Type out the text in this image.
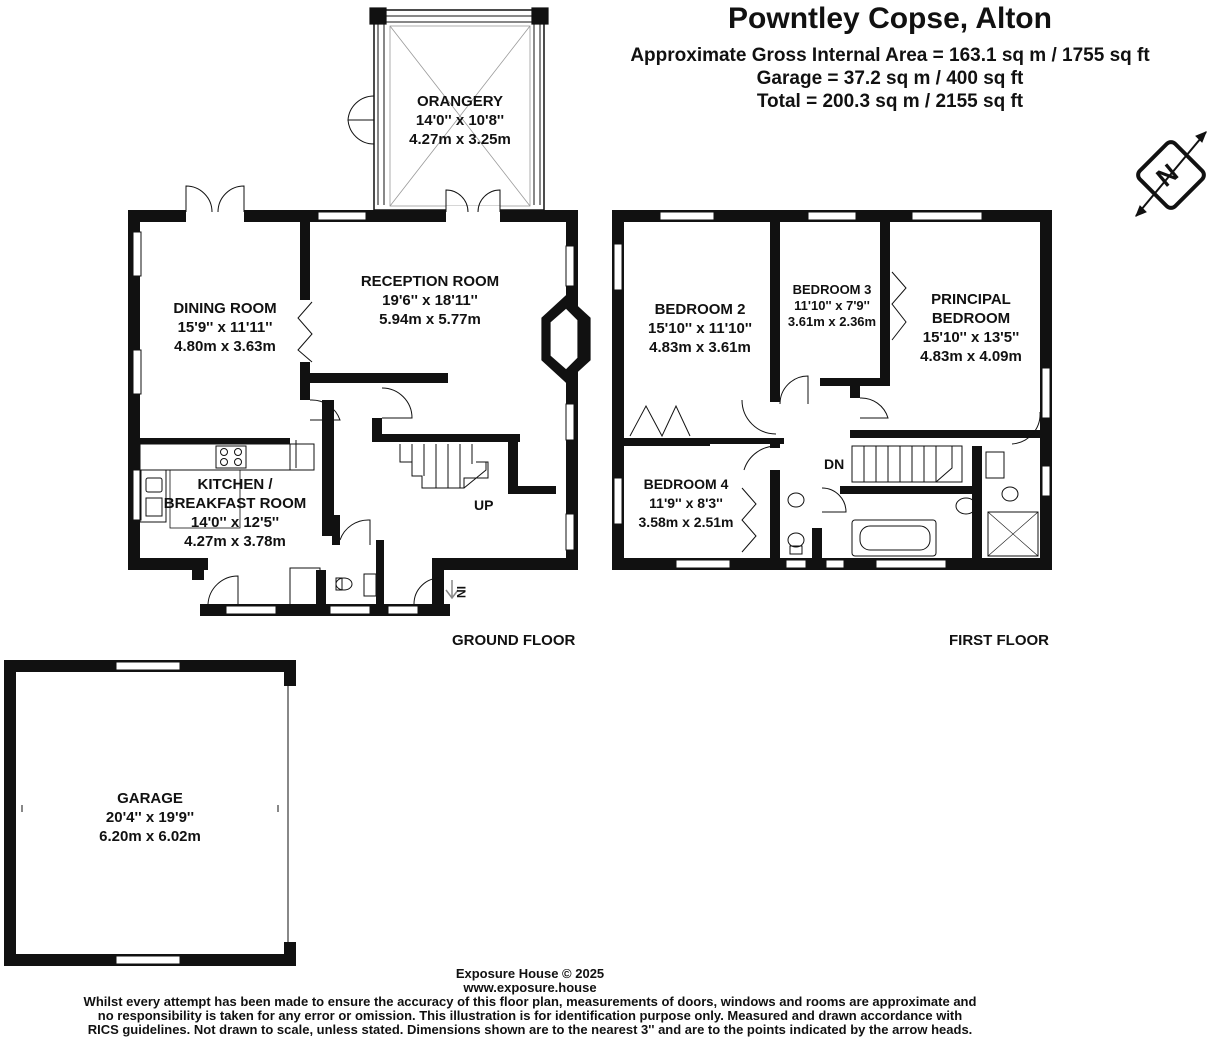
Powntley Copse, Alton
Approximate Gross Internal Area = 163.1 sq m / 1755 sq ft
Garage = 37.2 sq m / 400 sq ft
Total = 200.3 sq m / 2155 sq ft
N
ORANGERY
14'0'' x 10'8''
4.27m x 3.25m
DINING ROOM
15'9'' x 11'11''
4.80m x 3.63m
RECEPTION ROOM
19'6'' x 18'11''
5.94m x 5.77m
KITCHEN /
BREAKFAST ROOM
14'0'' x 12'5''
4.27m x 3.78m
UP
IN
GROUND FLOOR
BEDROOM 2
15'10'' x 11'10''
4.83m x 3.61m
BEDROOM 3
11'10'' x 7'9''
3.61m x 2.36m
PRINCIPAL
BEDROOM
15'10'' x 13'5''
4.83m x 4.09m
BEDROOM 4
11'9'' x 8'3''
3.58m x 2.51m
DN
FIRST FLOOR
GARAGE
20'4'' x 19'9''
6.20m x 6.02m
Exposure House © 2025
www.exposure.house
Whilst every attempt has been made to ensure the accuracy of this floor plan, measurements of doors, windows and rooms are approximate and
no responsibility is taken for any error or omission. This illustration is for identification purpose only. Measured and drawn accordance with
RICS guidelines. Not drawn to scale, unless stated. Dimensions shown are to the nearest 3'' and are to the points indicated by the arrow heads.
